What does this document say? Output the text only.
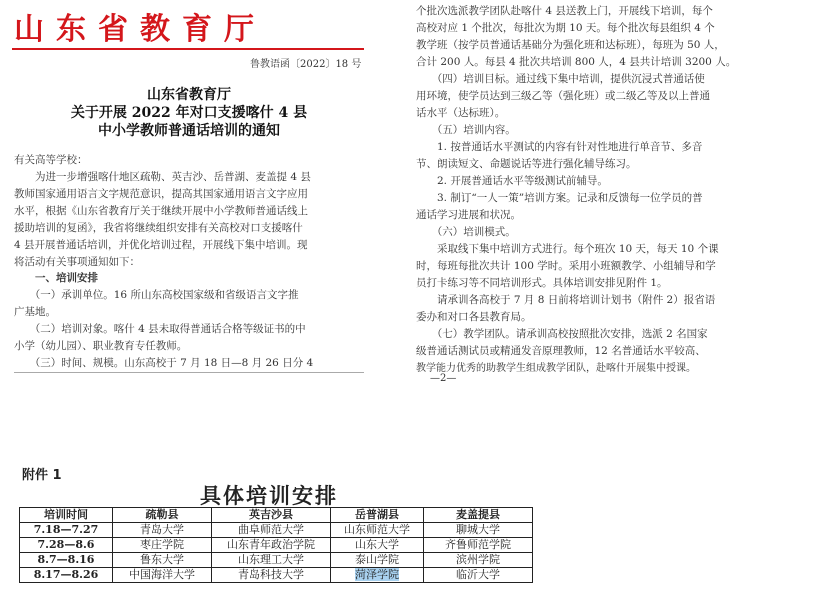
山东省教育厅
鲁教语函〔2022〕18 号
山东省教育厅
关于开展 2022 年对口支援喀什 4 县
中小学教师普通话培训的通知
有关高等学校：
　　为进一步增强喀什地区疏勒、英吉沙、岳普湖、麦盖提 4 县
教师国家通用语言文字规范意识，提高其国家通用语言文字应用
水平，根据《山东省教育厅关于继续开展中小学教师普通话线上
援助培训的复函》，我省将继续组织安排有关高校对口支援喀什
4 县开展普通话培训，并优化培训过程，开展线下集中培训。现
将活动有关事项通知如下：
　　一、培训安排
　　（一）承训单位。16 所山东高校国家级和省级语言文字推
广基地。
　　（二）培训对象。喀什 4 县未取得普通话合格等级证书的中
小学（幼儿园）、职业教育专任教师。
　　（三）时间、规模。山东高校于 7 月 18 日—8 月 26 日分 4
个批次选派教学团队赴喀什 4 县送教上门，开展线下培训，每个
高校对应 1 个批次，每批次为期 10 天。每个批次每县组织 4 个
教学班（按学员普通话基础分为强化班和达标班），每班为 50 人，
合计 200 人。每县 4 批次共培训 800 人，4 县共计培训 3200 人。
　　（四）培训目标。通过线下集中培训，提供沉浸式普通话使
用环境，使学员达到三级乙等（强化班）或二级乙等及以上普通
话水平（达标班）。
　　（五）培训内容。
　　1. 按普通话水平测试的内容有针对性地进行单音节、多音
节、朗读短文、命题说话等进行强化辅导练习。
　　2. 开展普通话水平等级测试前辅导。
　　3. 制订“一人一策”培训方案。记录和反馈每一位学员的普
通话学习进展和状况。
　　（六）培训模式。
　　采取线下集中培训方式进行。每个班次 10 天，每天 10 个课
时，每班每批次共计 100 学时。采用小班额教学、小组辅导和学
员打卡练习等不同培训形式。具体培训安排见附件 1。
　　请承训各高校于 7 月 8 日前将培训计划书（附件 2）报省语
委办和对口各县教育局。
　　（七）教学团队。请承训高校按照批次安排，选派 2 名国家
级普通话测试员或精通发音原理教师，12 名普通话水平较高、
教学能力优秀的助教学生组成教学团队，赴喀什开展集中授课。
—2—
附件 1
具体培训安排
培训时间	疏勒县	英吉沙县	岳普湖县	麦盖提县
7.18—7.27	青岛大学	曲阜师范大学	山东师范大学	聊城大学
7.28—8.6	枣庄学院	山东青年政治学院	山东大学	齐鲁师范学院
8.7—8.16	鲁东大学	山东理工大学	泰山学院	滨州学院
8.17—8.26	中国海洋大学	青岛科技大学	菏泽学院	临沂大学
